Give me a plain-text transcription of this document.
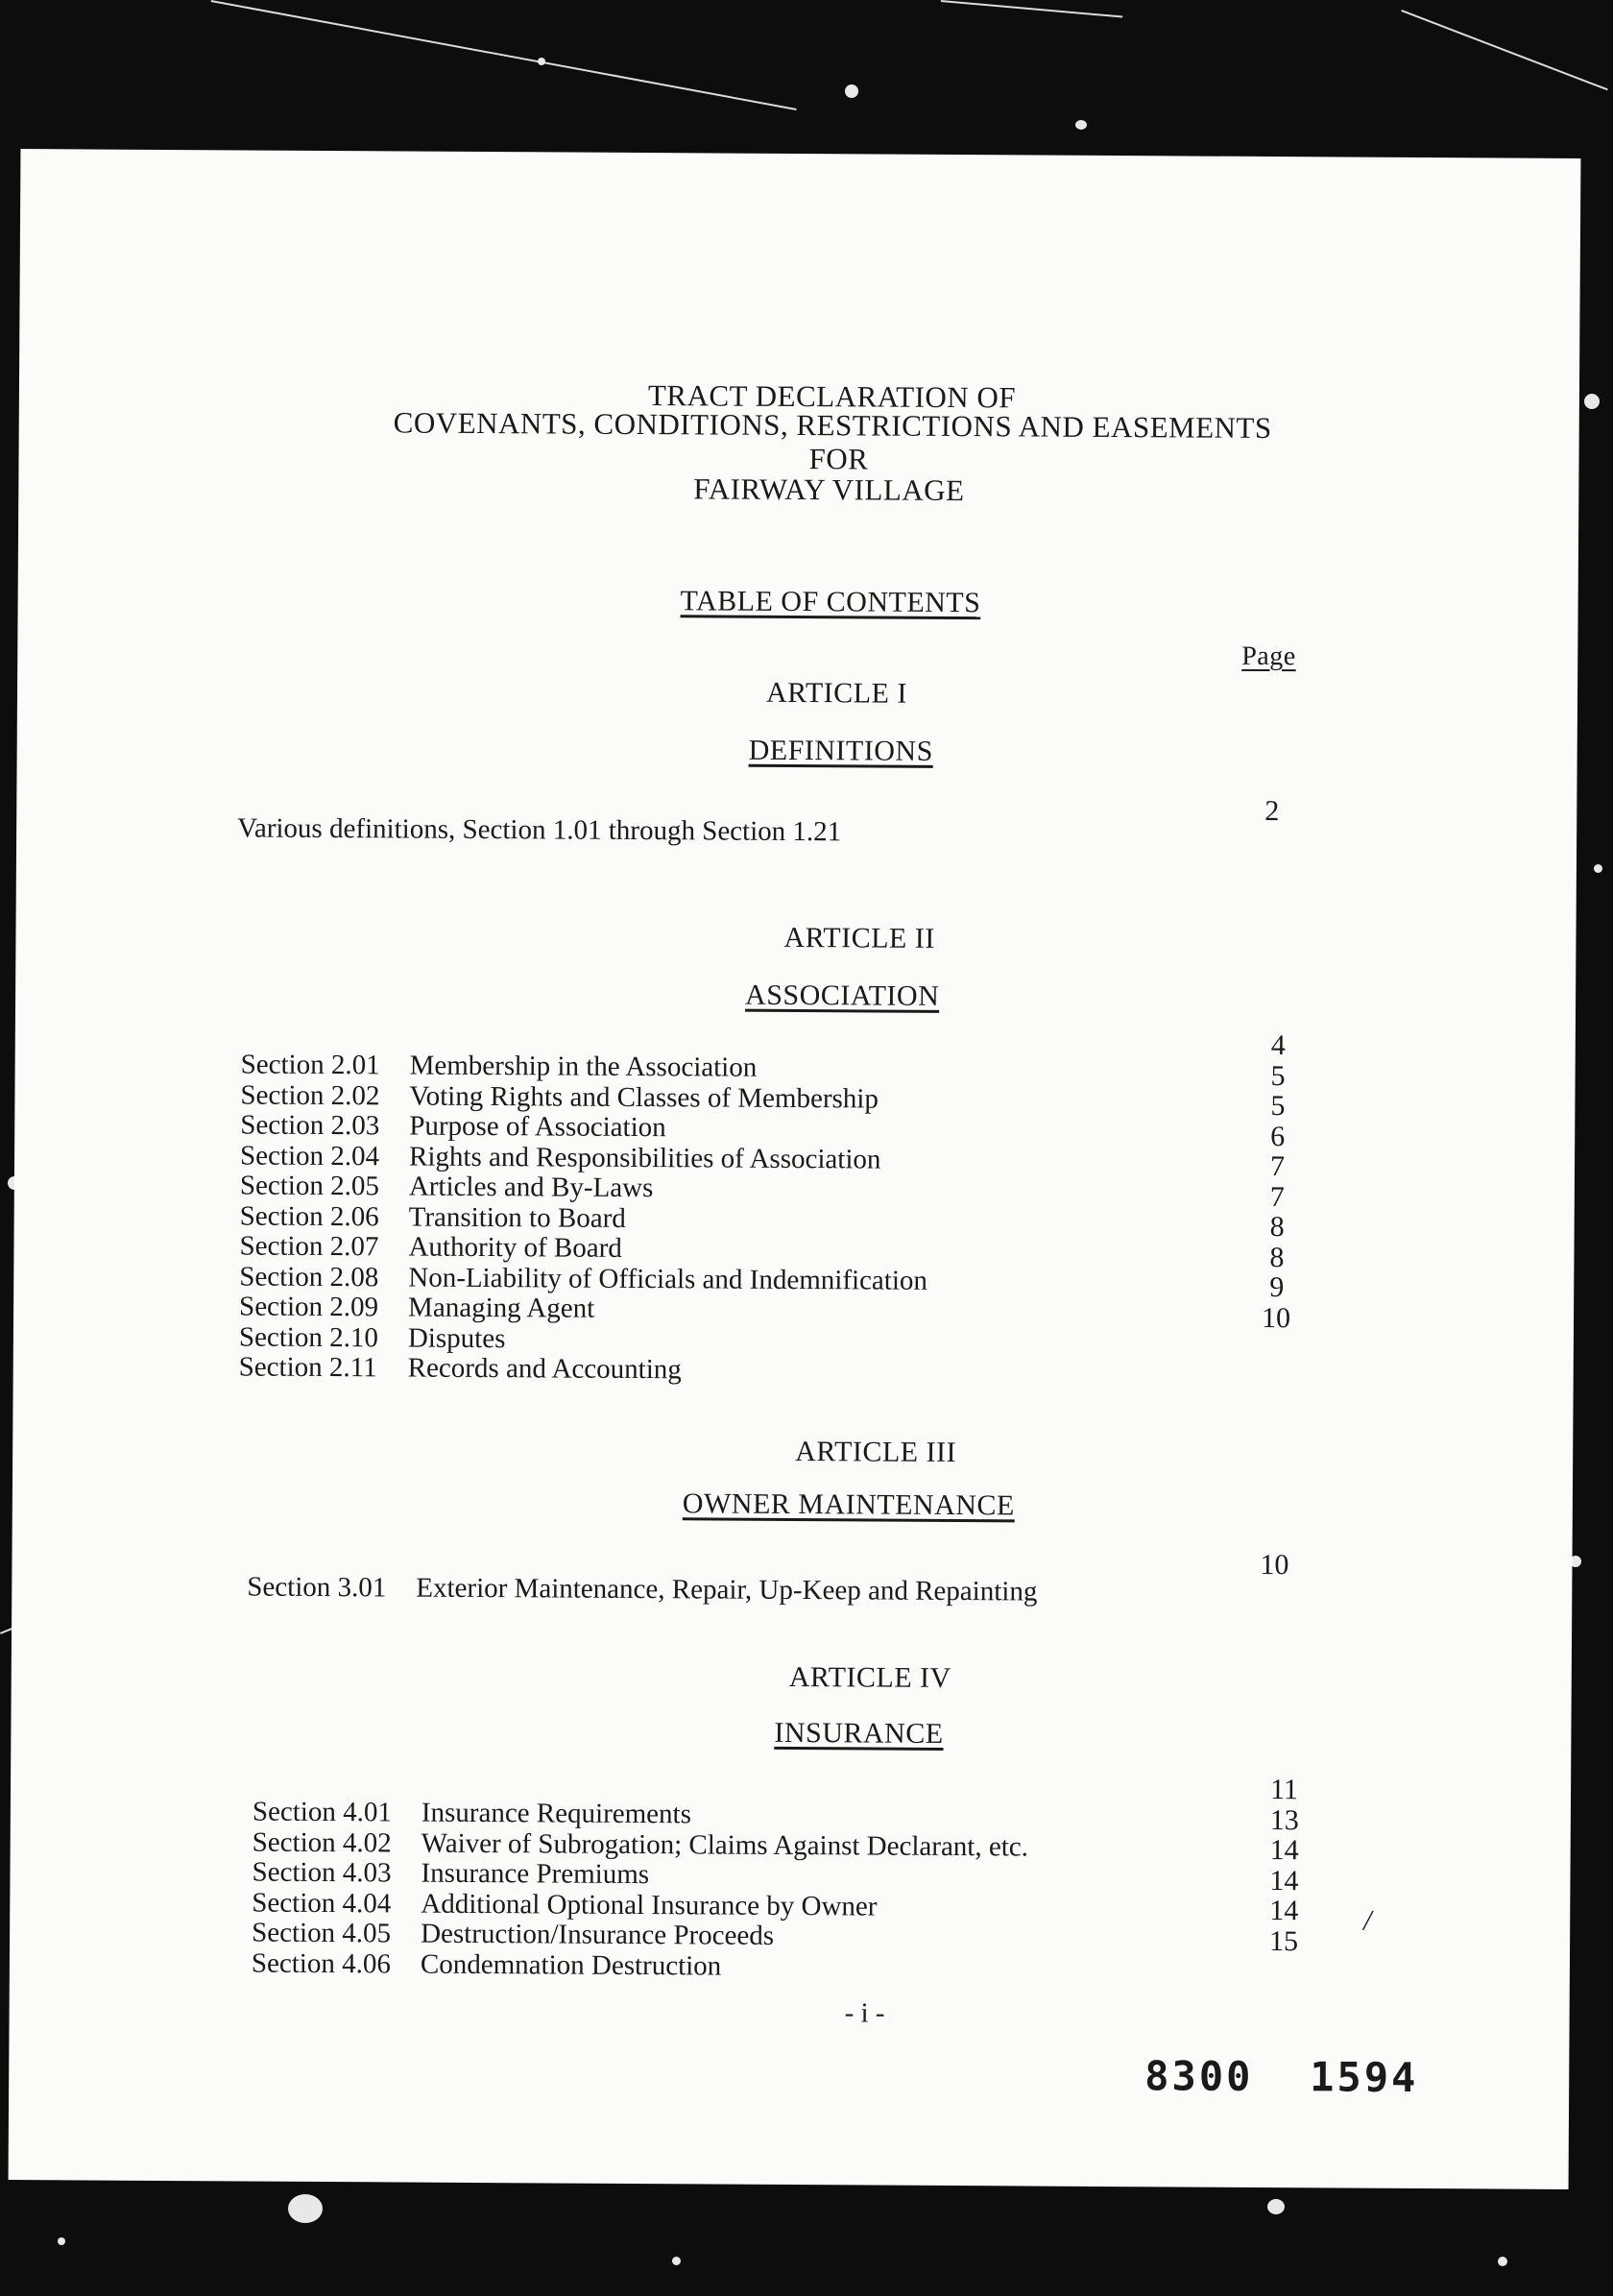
TRACT DECLARATION OF
COVENANTS, CONDITIONS, RESTRICTIONS AND EASEMENTS
FOR
FAIRWAY VILLAGE
TABLE OF CONTENTS
Page
ARTICLE I
DEFINITIONS
Various definitions, Section 1.01 through Section 1.21
2
ARTICLE II
ASSOCIATION
Section 2.01 Membership in the Association
Section 2.02 Voting Rights and Classes of Membership
Section 2.03 Purpose of Association
Section 2.04 Rights and Responsibilities of Association
Section 2.05 Articles and By-Laws
Section 2.06 Transition to Board
Section 2.07 Authority of Board
Section 2.08 Non-Liability of Officials and Indemnification
Section 2.09 Managing Agent
Section 2.10 Disputes
Section 2.11 Records and Accounting
4
5
5
6
7
7
8
8
9
10
ARTICLE III
OWNER MAINTENANCE
Section 3.01 Exterior Maintenance, Repair, Up-Keep and Repainting
10
ARTICLE IV
INSURANCE
Section 4.01 Insurance Requirements
Section 4.02 Waiver of Subrogation; Claims Against Declarant, etc.
Section 4.03 Insurance Premiums
Section 4.04 Additional Optional Insurance by Owner
Section 4.05 Destruction/Insurance Proceeds
Section 4.06 Condemnation Destruction
11
13
14
14
14
15
/
- i -
8300 1594
